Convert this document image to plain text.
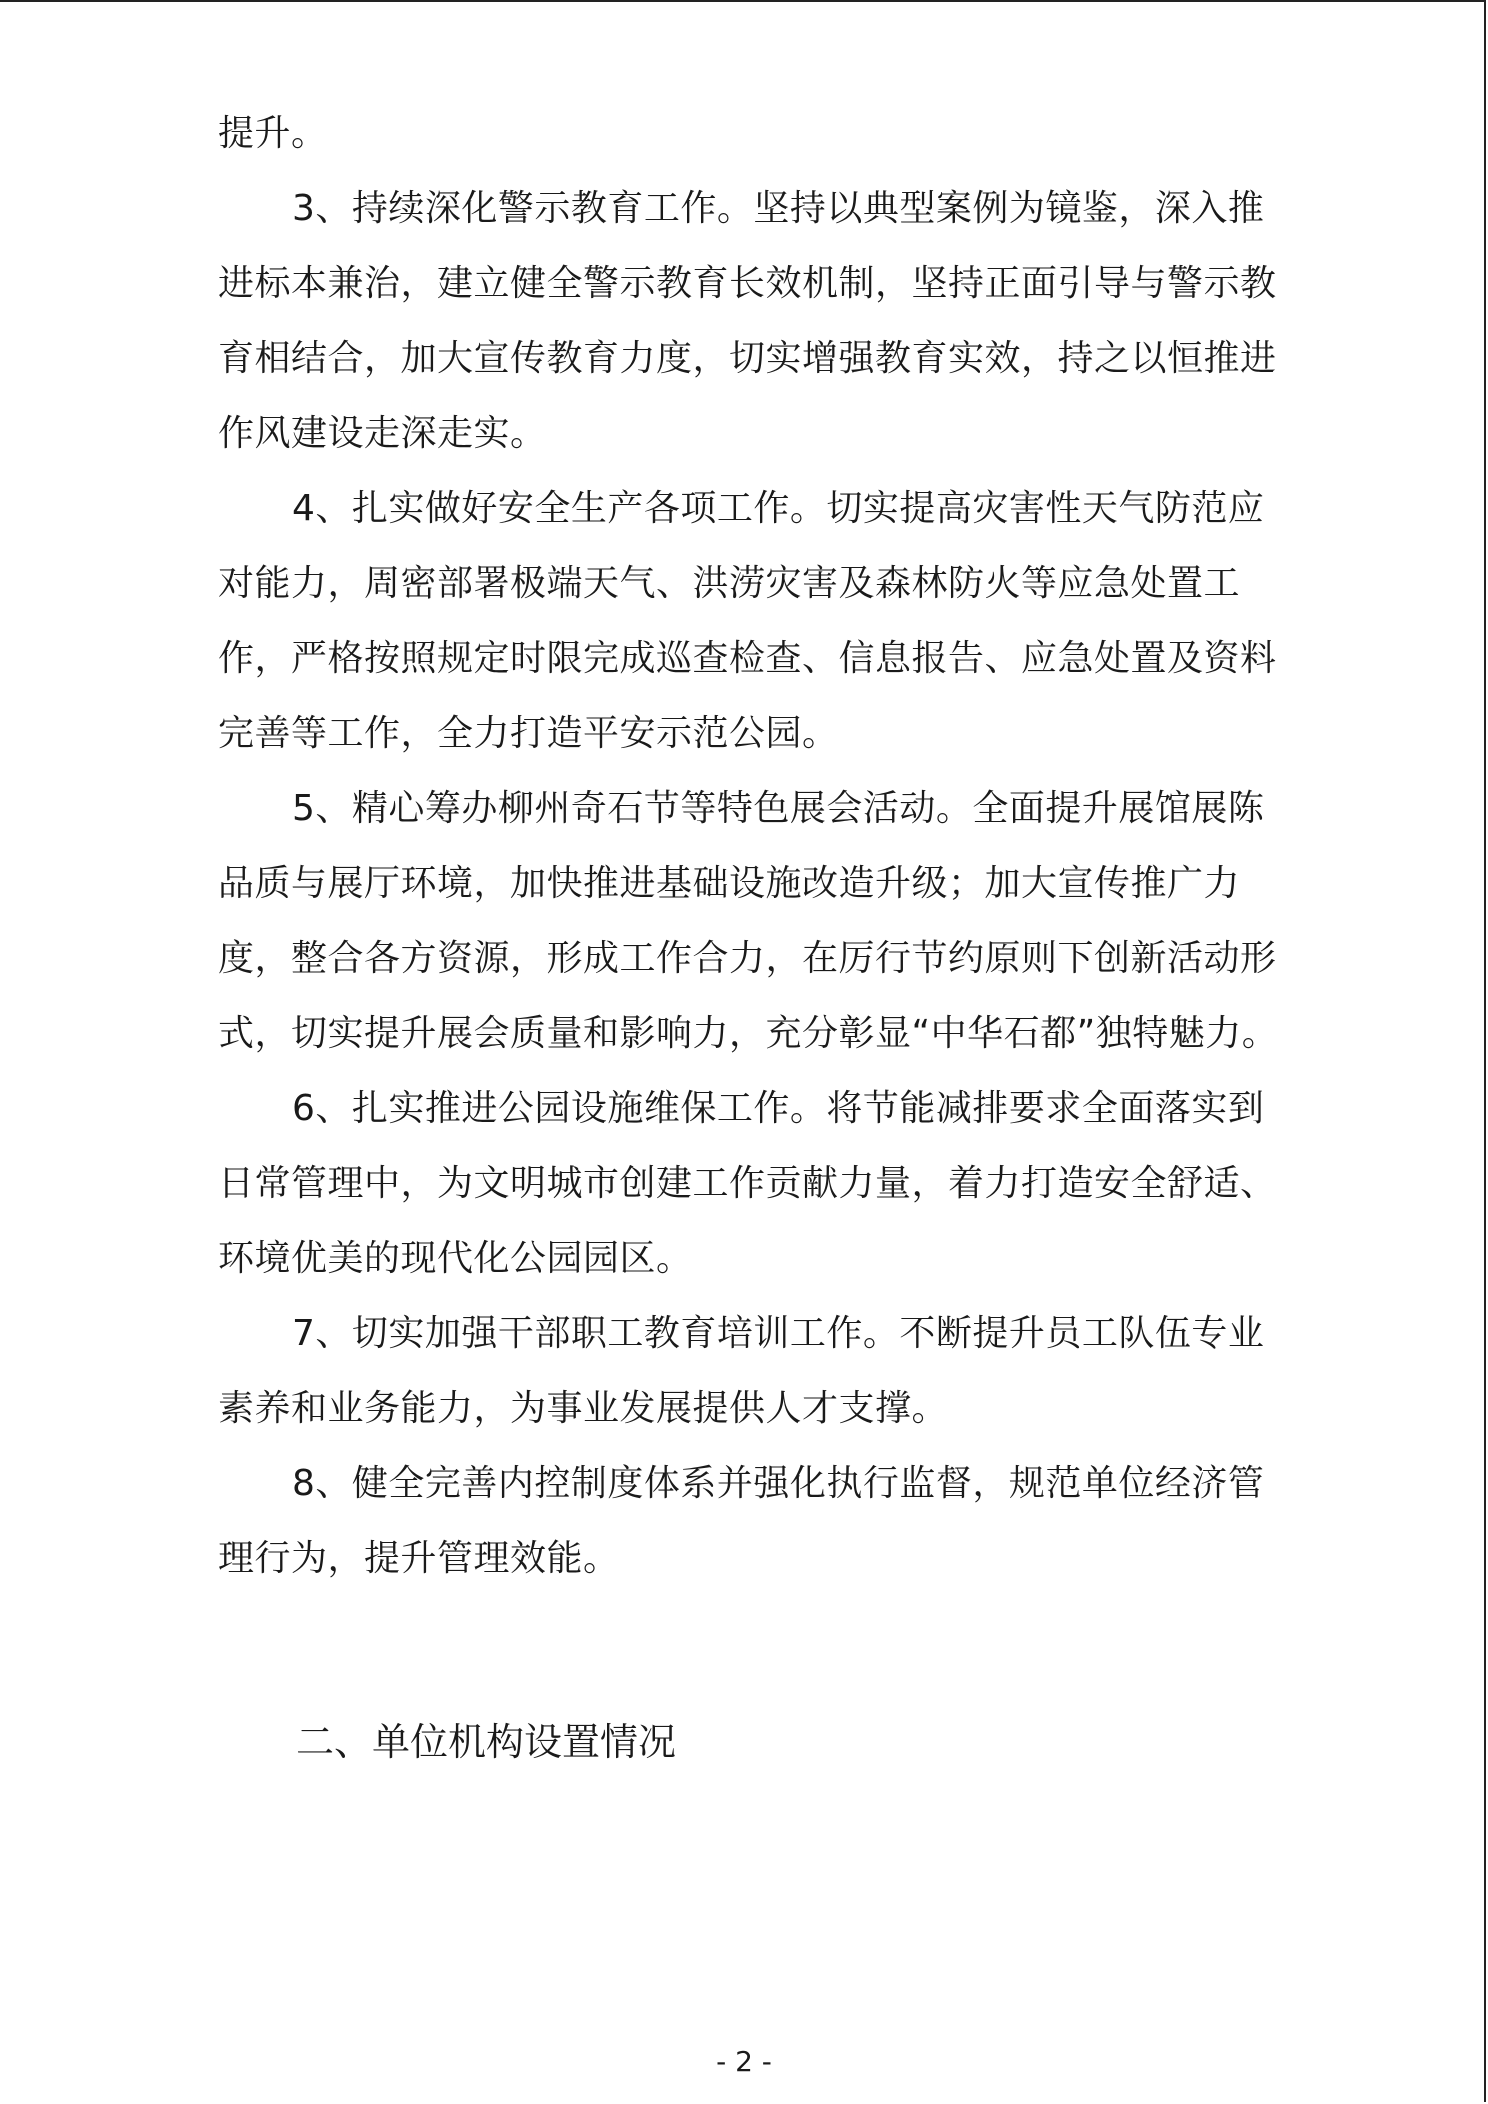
提升。

3、持续深化警示教育工作。坚持以典型案例为镜鉴，深入推进标本兼治，建立健全警示教育长效机制，坚持正面引导与警示教育相结合，加大宣传教育力度，切实增强教育实效，持之以恒推进作风建设走深走实。

4、扎实做好安全生产各项工作。切实提高灾害性天气防范应对能力，周密部署极端天气、洪涝灾害及森林防火等应急处置工作，严格按照规定时限完成巡查检查、信息报告、应急处置及资料完善等工作，全力打造平安示范公园。

5、精心筹办柳州奇石节等特色展会活动。全面提升展馆展陈品质与展厅环境，加快推进基础设施改造升级；加大宣传推广力度，整合各方资源，形成工作合力，在厉行节约原则下创新活动形式，切实提升展会质量和影响力，充分彰显“中华石都”独特魅力。

6、扎实推进公园设施维保工作。将节能减排要求全面落实到日常管理中，为文明城市创建工作贡献力量，着力打造安全舒适、环境优美的现代化公园园区。

7、切实加强干部职工教育培训工作。不断提升员工队伍专业素养和业务能力，为事业发展提供人才支撑。

8、健全完善内控制度体系并强化执行监督，规范单位经济管理行为，提升管理效能。

二、单位机构设置情况
- 2 -
